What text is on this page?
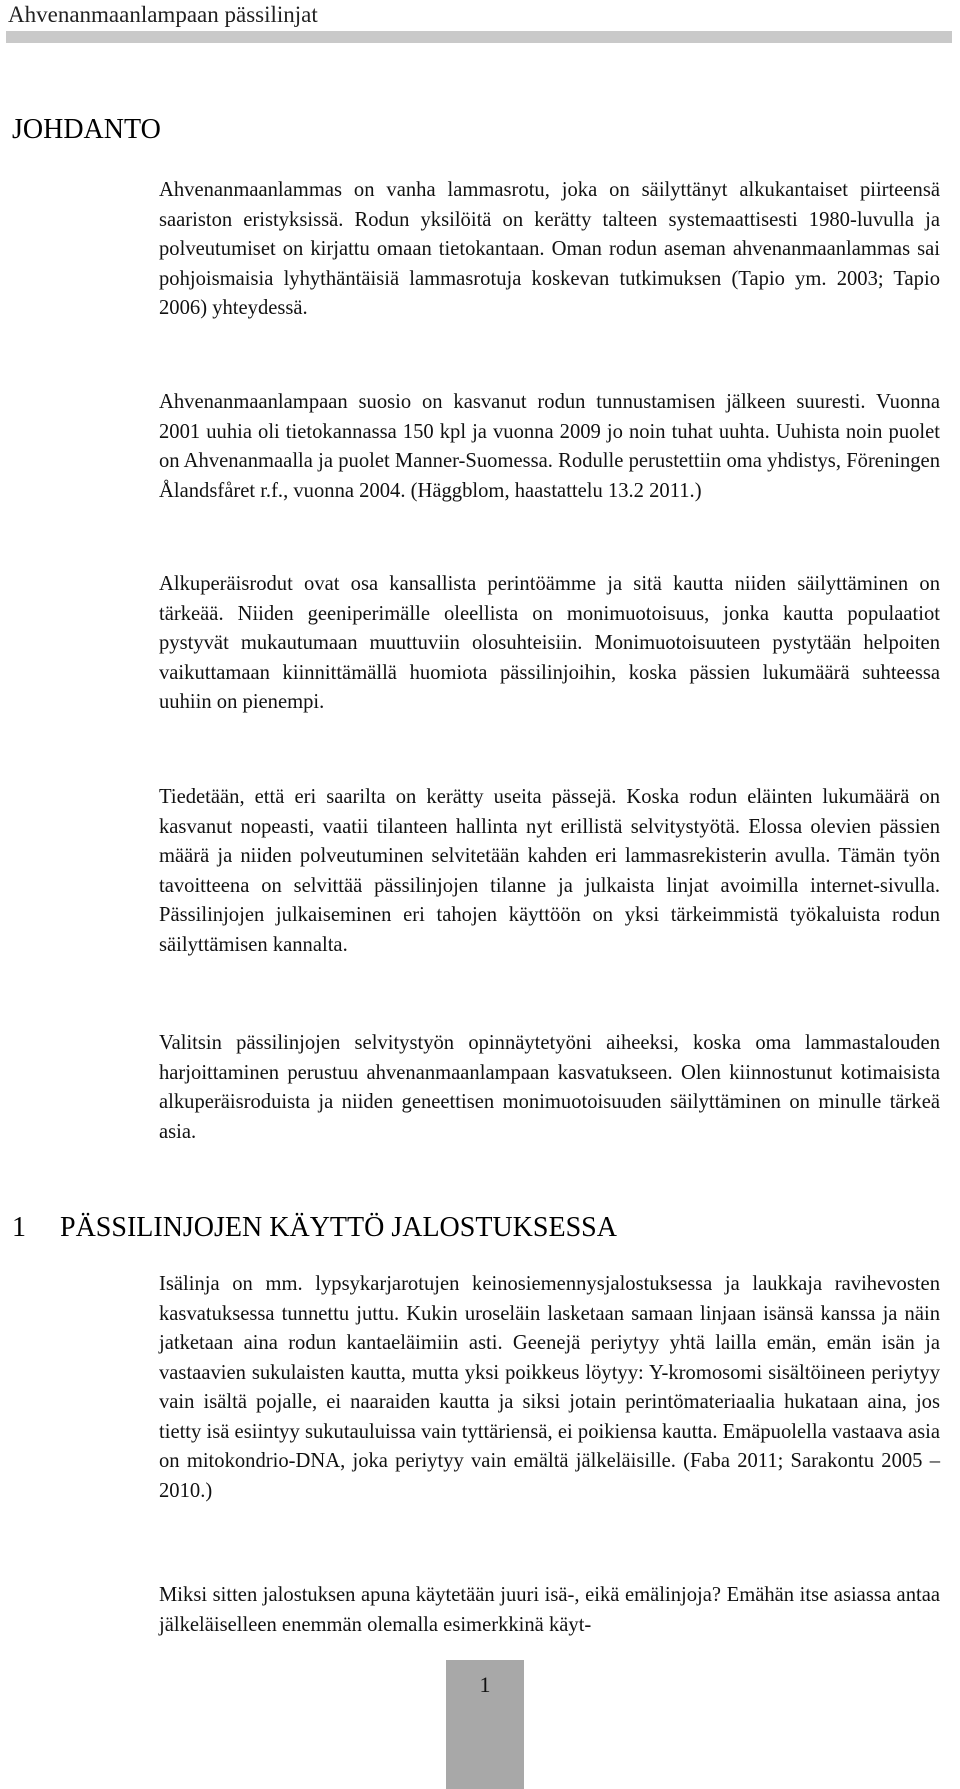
Ahvenanmaanlampaan pässilinjat
JOHDANTO

Ahvenanmaanlammas on vanha lammasrotu, joka on säilyttänyt alkukantaiset piirteensä saariston eristyksissä. Rodun yksilöitä on kerätty talteen systemaattisesti 1980-luvulla ja polveutumiset on kirjattu omaan tietokantaan. Oman rodun aseman ahvenanmaanlammas sai pohjoismaisia lyhythäntäisiä lammasrotuja koskevan tutkimuksen (Tapio ym. 2003; Tapio 2006) yhteydessä.

Ahvenanmaanlampaan suosio on kasvanut rodun tunnustamisen jälkeen suuresti. Vuonna 2001 uuhia oli tietokannassa 150 kpl ja vuonna 2009 jo noin tuhat uuhta. Uuhista noin puolet on Ahvenanmaalla ja puolet Manner-Suomessa. Rodulle perustettiin oma yhdistys, Föreningen Ålandsfåret r.f., vuonna 2004. (Häggblom, haastattelu 13.2 2011.)

Alkuperäisrodut ovat osa kansallista perintöämme ja sitä kautta niiden säilyttäminen on tärkeää. Niiden geeniperimälle oleellista on monimuotoisuus, jonka kautta populaatiot pystyvät mukautumaan muuttuviin olosuhteisiin. Monimuotoisuuteen pystytään helpoiten vaikuttamaan kiinnittämällä huomiota pässilinjoihin, koska pässien lukumäärä suhteessa uuhiin on pienempi.

Tiedetään, että eri saarilta on kerätty useita pässejä. Koska rodun eläinten lukumäärä on kasvanut nopeasti, vaatii tilanteen hallinta nyt erillistä selvitystyötä. Elossa olevien pässien määrä ja niiden polveutuminen selvitetään kahden eri lammasrekisterin avulla. Tämän työn tavoitteena on selvittää pässilinjojen tilanne ja julkaista linjat avoimilla internet-sivulla. Pässilinjojen julkaiseminen eri tahojen käyttöön on yksi tärkeimmistä työkaluista rodun säilyttämisen kannalta.

Valitsin pässilinjojen selvitystyön opinnäytetyöni aiheeksi, koska oma lammastalouden harjoittaminen perustuu ahvenanmaanlampaan kasvatukseen. Olen kiinnostunut kotimaisista alkuperäisroduista ja niiden geneettisen monimuotoisuuden säilyttäminen on minulle tärkeä asia.

1 PÄSSILINJOJEN KÄYTTÖ JALOSTUKSESSA

Isälinja on mm. lypsykarjarotujen keinosiemennysjalostuksessa ja laukkaja ravihevosten kasvatuksessa tunnettu juttu. Kukin uroseläin lasketaan samaan linjaan isänsä kanssa ja näin jatketaan aina rodun kantaeläimiin asti. Geenejä periytyy yhtä lailla emän, emän isän ja vastaavien sukulaisten kautta, mutta yksi poikkeus löytyy: Y-kromosomi sisältöineen periytyy vain isältä pojalle, ei naaraiden kautta ja siksi jotain perintömateriaalia hukataan aina, jos tietty isä esiintyy sukutauluissa vain tyttäriensä, ei poikiensa kautta. Emäpuolella vastaava asia on mitokondrio-DNA, joka periytyy vain emältä jälkeläisille. (Faba 2011; Sarakontu 2005 – 2010.)

Miksi sitten jalostuksen apuna käytetään juuri isä-, eikä emälinjoja? Emähän itse asiassa antaa jälkeläiselleen enemmän olemalla esimerkkinä käyt-

1
